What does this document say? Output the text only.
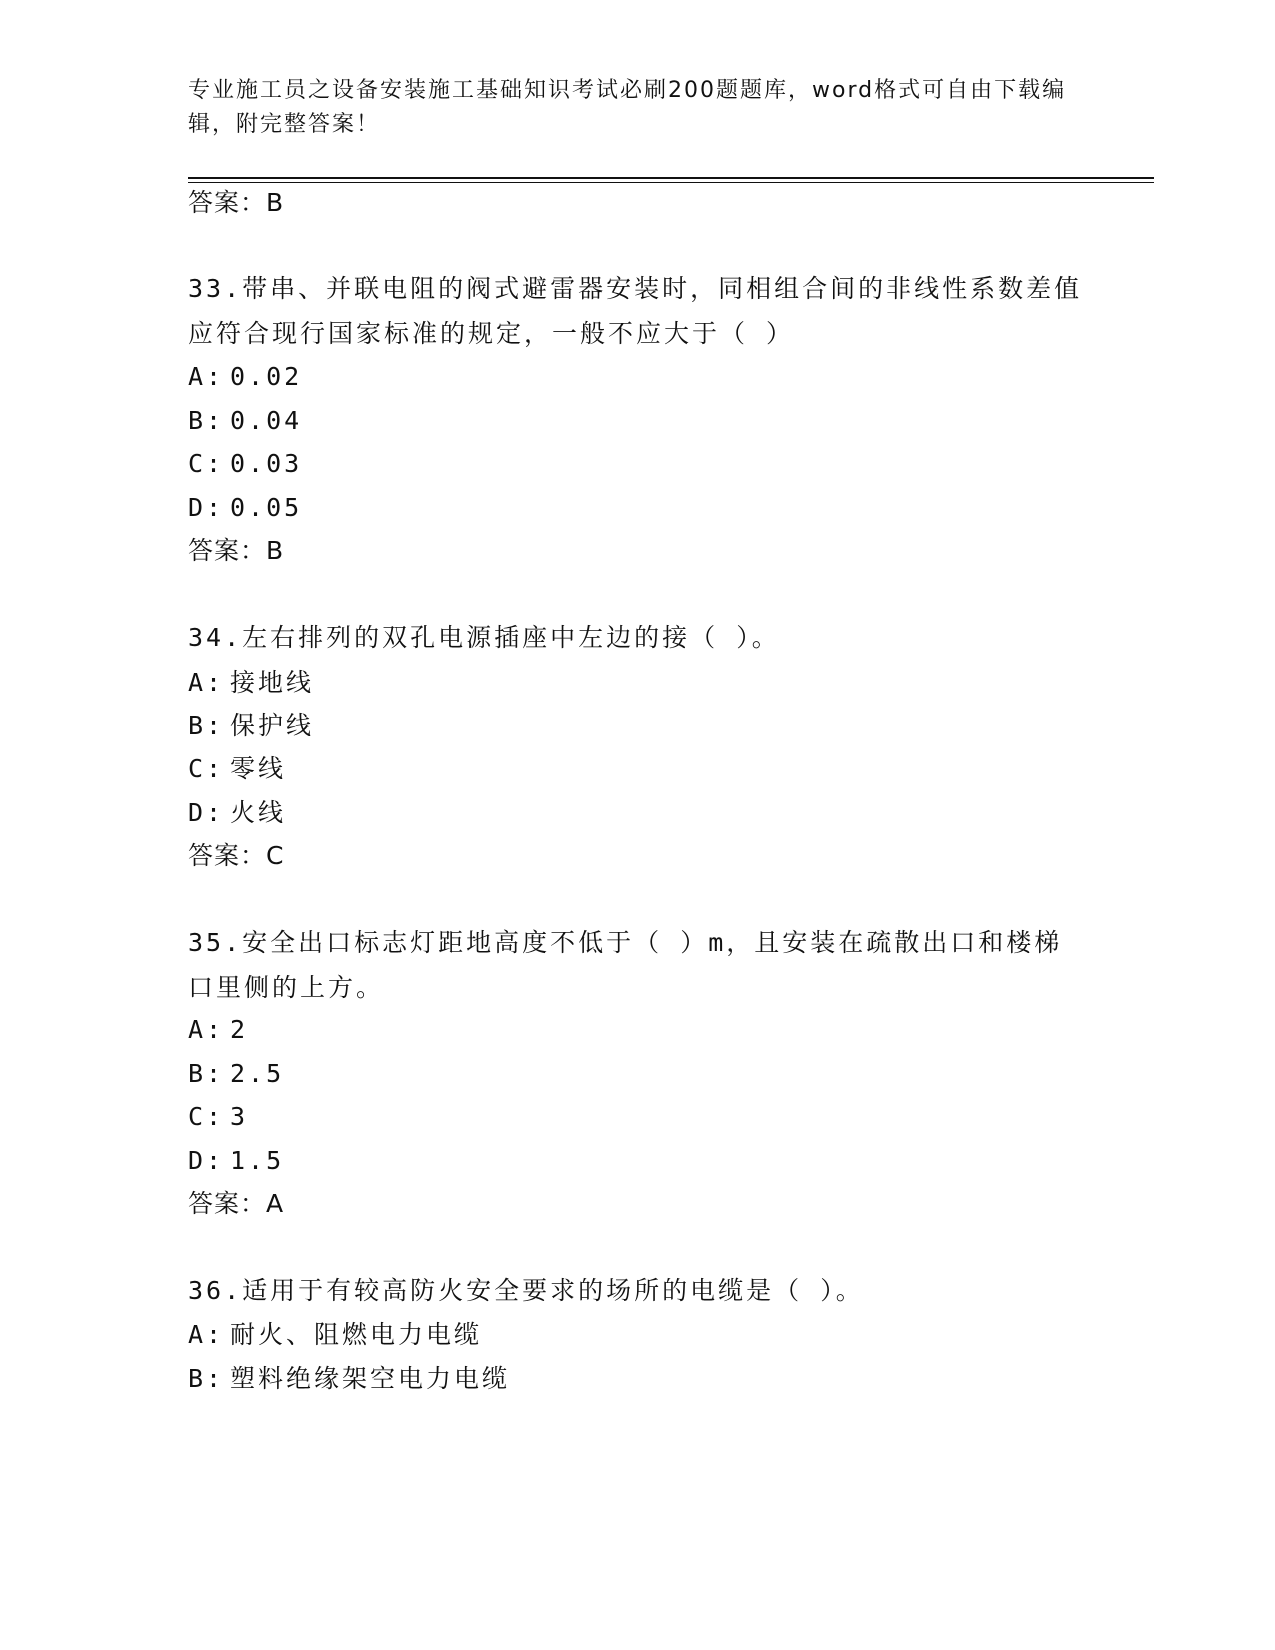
专业施工员之设备安装施工基础知识考试必刷200题题库，word格式可自由下载编辑，附完整答案！
答案：B
33.带串、并联电阻的阀式避雷器安装时，同相组合间的非线性系数差值应符合现行国家标准的规定，一般不应大于（ ）
A: 0.02
B: 0.04
C: 0.03
D: 0.05
答案：B
34.左右排列的双孔电源插座中左边的接（ ）。
A: 接地线
B: 保护线
C: 零线
D: 火线
答案：C
35.安全出口标志灯距地高度不低于（ ）m，且安装在疏散出口和楼梯口里侧的上方。
A: 2
B: 2.5
C: 3
D: 1.5
答案：A
36.适用于有较高防火安全要求的场所的电缆是（ ）。
A: 耐火、阻燃电力电缆
B: 塑料绝缘架空电力电缆
